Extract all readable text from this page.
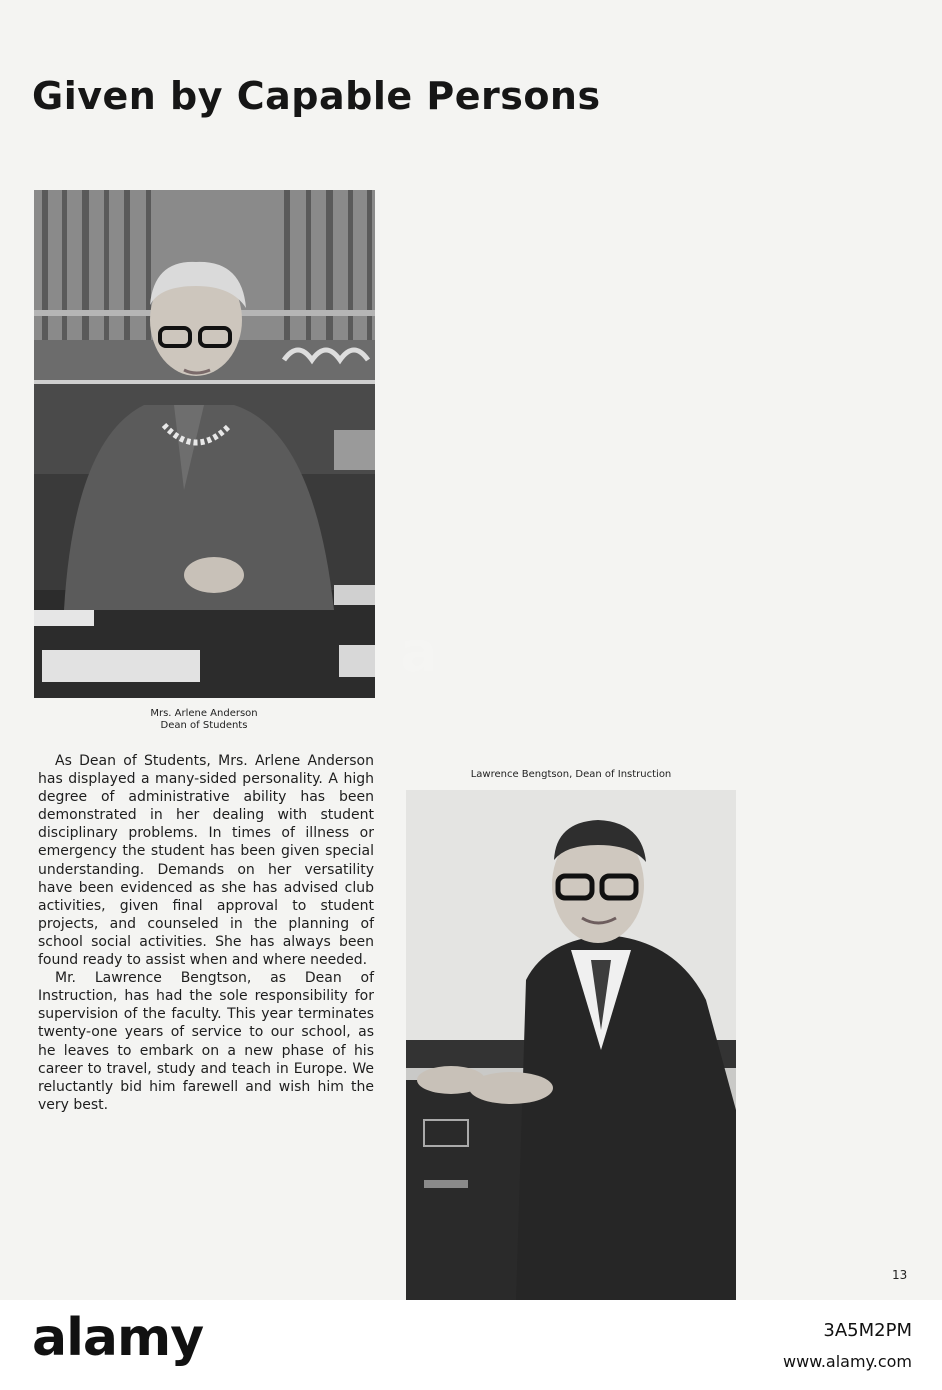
Given by Capable Persons
Mrs. Arlene Anderson
Dean of Students

As Dean of Students, Mrs. Arlene Anderson has displayed a many-sided personality. A high degree of administrative ability has been demonstrated in her dealing with student disciplinary problems. In times of illness or emergency the student has been given special understanding. Demands on her versatility have been evidenced as she has advised club activities, given final approval to student projects, and counseled in the planning of school social activities. She has always been found ready to assist when and where needed.

Mr. Lawrence Bengtson, as Dean of Instruction, has had the sole responsibility for supervision of the faculty. This year terminates twenty-one years of service to our school, as he leaves to embark on a new phase of his career to travel, study and teach in Europe. We reluctantly bid him farewell and wish him the very best.

Lawrence Bengtson, Dean of Instruction
13
a
alamy	3A5M2PM
www.alamy.com
